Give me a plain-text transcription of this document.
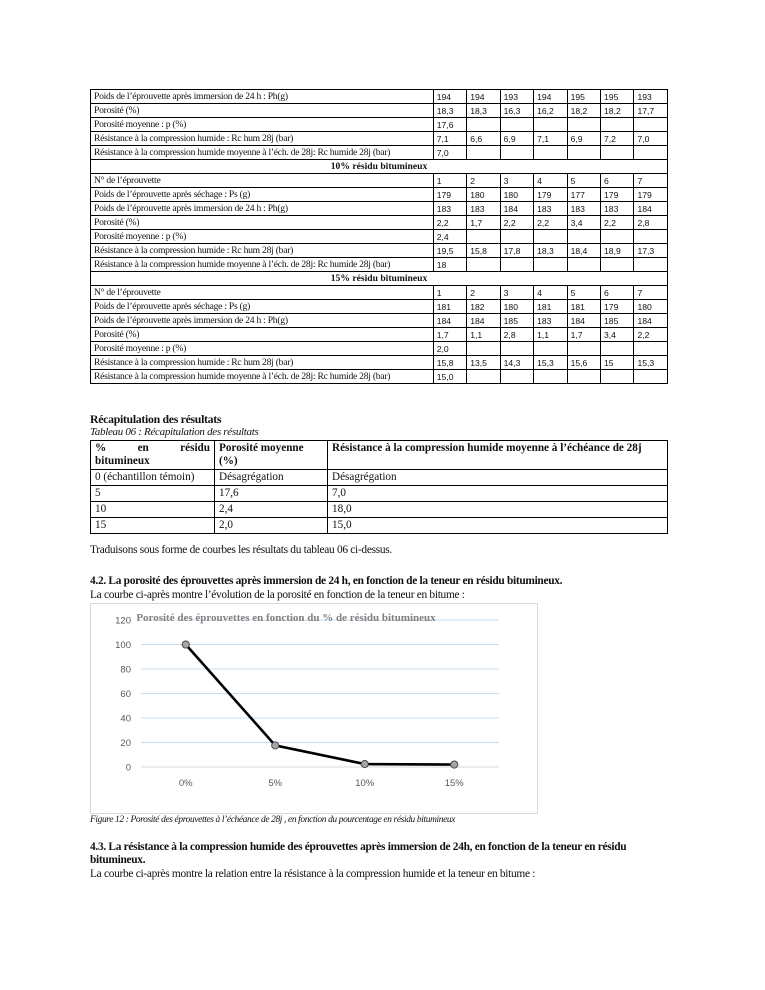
Poids de l’éprouvette après immersion de 24 h : Ph(g)	194	194	193	194	195	195	193
Porosité (%)	18,3	18,3	16,3	16,2	18,2	18,2	17,7
Porosité moyenne : p (%)	17,6						
Résistance à la compression humide : Rc hum 28j (bar)	7,1	6,6	6,9	7,1	6,9	7,2	7,0
Résistance à la compression humide moyenne à l’éch. de 28j: Rc humide 28j (bar)	7,0						
10% résidu bitumineux							
N° de l’éprouvette	1	2	3	4	5	6	7
Poids de l’éprouvette après séchage : Ps (g)	179	180	180	179	177	179	179
Poids de l’éprouvette après immersion de 24 h : Ph(g)	183	183	184	183	183	183	184
Porosité (%)	2,2	1,7	2,2	2,2	3,4	2,2	2,8
Porosité moyenne : p (%)	2,4						
Résistance à la compression humide : Rc hum 28j (bar)	19,5	15,8	17,8	18,3	18,4	18,9	17,3
Résistance à la compression humide moyenne à l’éch. de 28j: Rc humide 28j (bar)	18						
15% résidu bitumineux							
N° de l’éprouvette	1	2	3	4	5	6	7
Poids de l’éprouvette après séchage : Ps (g)	181	182	180	181	181	179	180
Poids de l’éprouvette après immersion de 24 h : Ph(g)	184	184	185	183	184	185	184
Porosité (%)	1,7	1,1	2,8	1,1	1,7	3,4	2,2
Porosité moyenne : p (%)	2,0						
Résistance à la compression humide : Rc hum 28j (bar)	15,8	13,5	14,3	15,3	15,6	15	15,3
Résistance à la compression humide moyenne à l’éch. de 28j: Rc humide 28j (bar)	15,0						
Récapitulation des résultats
Tableau 06 : Récapitulation des résultats
% en résidu bitumineux	Porosité moyenne (%)	Résistance à la compression humide moyenne à l’échéance de 28j
0 (échantillon témoin)	Désagrégation	Désagrégation
5	17,6	7,0
10	2,4	18,0
15	2,0	15,0
Traduisons sous forme de courbes les résultats du tableau 06 ci-dessus.
4.2. La porosité des éprouvettes après immersion de 24 h, en fonction de la teneur en résidu bitumineux.
La courbe ci-après montre l’évolution de la porosité en fonction de la teneur en bitume :
0
20
40
60
80
100
120
0%	5%	10%	15%
Porosité des éprouvettes en fonction du % de résidu bitumineux
Figure 12 : Porosité des éprouvettes à l’échéance de 28j , en fonction du pourcentage en résidu bitumineux
4.3. La résistance à la compression humide des éprouvettes après immersion de 24h, en fonction de la teneur en résidu
bitumineux.
La courbe ci-après montre la relation entre la résistance à la compression humide et la teneur en bitume :
